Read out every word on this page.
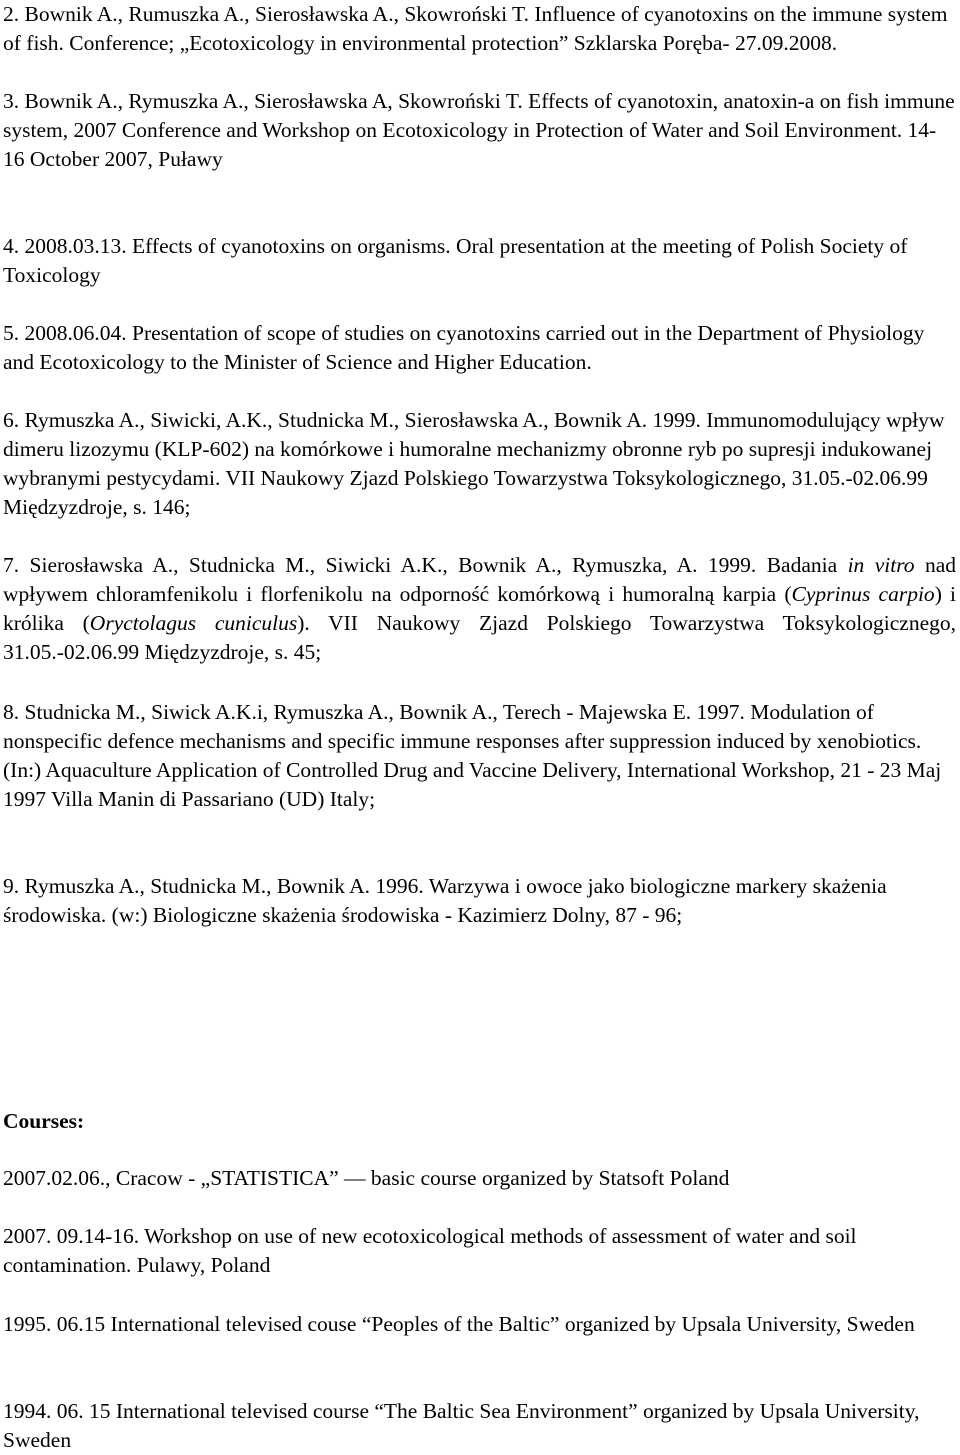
2. Bownik A., Rumuszka A., Sierosławska A., Skowroński T. Influence of cyanotoxins on the immune system of fish. Conference; „Ecotoxicology in environmental protection” Szklarska Poręba- 27.09.2008.

3. Bownik A., Rymuszka A., Sierosławska A, Skowroński T. Effects of cyanotoxin, anatoxin-a on fish immune system, 2007 Conference and Workshop on Ecotoxicology in Protection of Water and Soil Environment. 14-16 October 2007, Puławy

4. 2008.03.13. Effects of cyanotoxins on organisms. Oral presentation at the meeting of Polish Society of Toxicology

5. 2008.06.04. Presentation of scope of studies on cyanotoxins carried out in the Department of Physiology and Ecotoxicology to the Minister of Science and Higher Education.

6. Rymuszka A., Siwicki, A.K., Studnicka M., Sierosławska A., Bownik A. 1999. Immunomodulujący wpływ dimeru lizozymu (KLP-602) na komórkowe i humoralne mechanizmy obronne ryb po supresji indukowanej wybranymi pestycydami. VII Naukowy Zjazd Polskiego Towarzystwa Toksykologicznego, 31.05.-02.06.99 Międzyzdroje, s. 146;

7. Sierosławska A., Studnicka M., Siwicki A.K., Bownik A., Rymuszka, A. 1999. Badania in vitro nad wpływem chloramfenikolu i florfenikolu na odporność komórkową i humoralną karpia (Cyprinus carpio) i królika (Oryctolagus cuniculus). VII Naukowy Zjazd Polskiego Towarzystwa Toksykologicznego, 31.05.-02.06.99 Międzyzdroje, s. 45;

8. Studnicka M., Siwick A.K.i, Rymuszka A., Bownik A., Terech - Majewska E. 1997. Modulation of nonspecific defence mechanisms and specific immune responses after suppression induced by xenobiotics. (In:) Aquaculture Application of Controlled Drug and Vaccine Delivery, International Workshop, 21 - 23 Maj 1997 Villa Manin di Passariano (UD) Italy;

9. Rymuszka A., Studnicka M., Bownik A. 1996. Warzywa i owoce jako biologiczne markery skażenia środowiska. (w:) Biologiczne skażenia środowiska - Kazimierz Dolny, 87 - 96;

Courses:

2007.02.06., Cracow - „STATISTICA” — basic course organized by Statsoft Poland

2007. 09.14-16. Workshop on use of new ecotoxicological methods of assessment of water and soil contamination. Pulawy, Poland

1995. 06.15 International televised couse “Peoples of the Baltic” organized by Upsala University, Sweden

1994. 06. 15 International televised course “The Baltic Sea Environment” organized by Upsala University, Sweden
